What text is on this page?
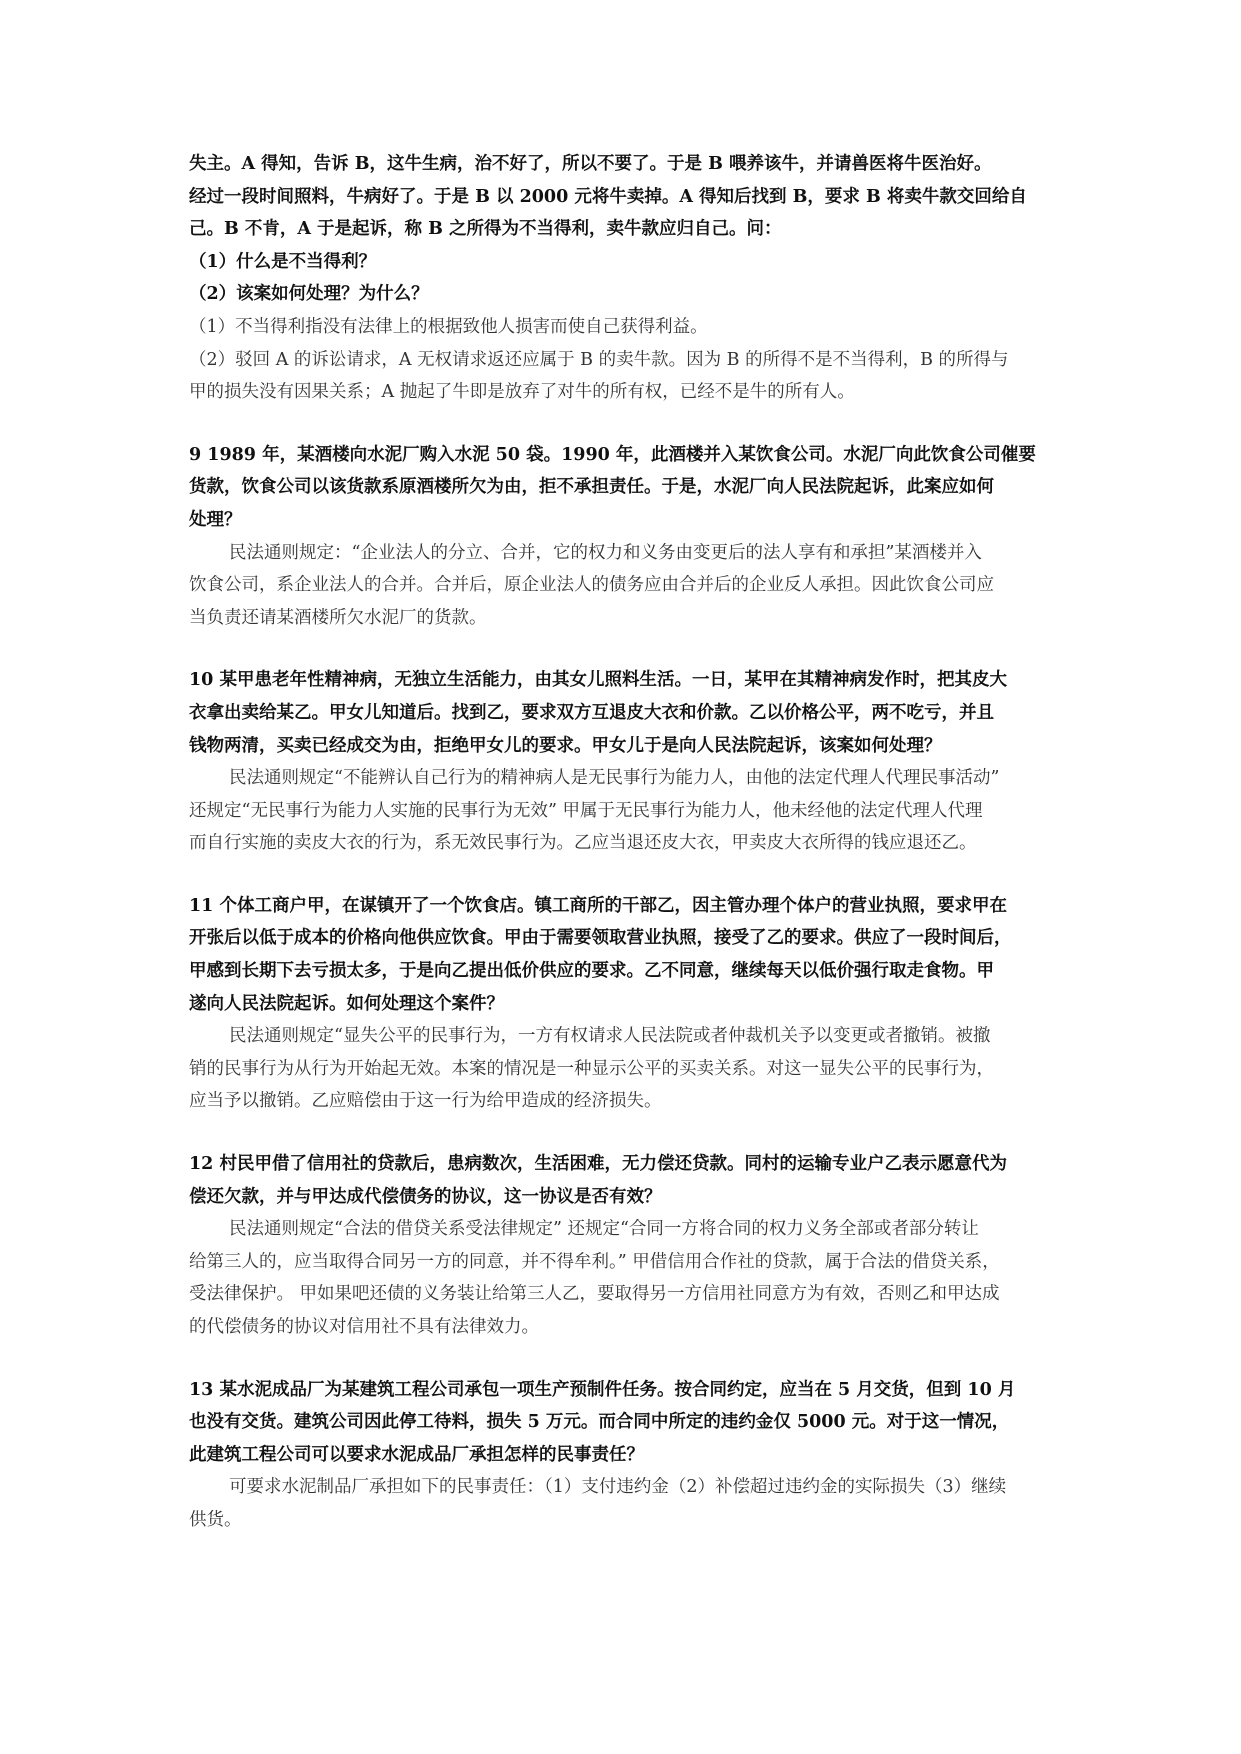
失主。A 得知，告诉 B，这牛生病，治不好了，所以不要了。于是 B 喂养该牛，并请兽医将牛医治好。

经过一段时间照料，牛病好了。于是 B 以 2000 元将牛卖掉。A 得知后找到 B，要求 B 将卖牛款交回给自

己。B 不肯，A 于是起诉，称 B 之所得为不当得利，卖牛款应归自己。问：

（1）什么是不当得利？

（2）该案如何处理？为什么？

（1）不当得利指没有法律上的根据致他人损害而使自己获得利益。

（2）驳回 A 的诉讼请求，A 无权请求返还应属于 B 的卖牛款。因为 B 的所得不是不当得利，B 的所得与

甲的损失没有因果关系；A 抛起了牛即是放弃了对牛的所有权，已经不是牛的所有人。

9 1989 年，某酒楼向水泥厂购入水泥 50 袋。1990 年，此酒楼并入某饮食公司。水泥厂向此饮食公司催要

货款，饮食公司以该货款系原酒楼所欠为由，拒不承担责任。于是，水泥厂向人民法院起诉，此案应如何

处理？

民法通则规定：“企业法人的分立、合并，它的权力和义务由变更后的法人享有和承担”某酒楼并入

饮食公司，系企业法人的合并。合并后，原企业法人的债务应由合并后的企业反人承担。因此饮食公司应

当负责还请某酒楼所欠水泥厂的货款。

10 某甲患老年性精神病，无独立生活能力，由其女儿照料生活。一日，某甲在其精神病发作时，把其皮大

衣拿出卖给某乙。甲女儿知道后。找到乙，要求双方互退皮大衣和价款。乙以价格公平，两不吃亏，并且

钱物两清，买卖已经成交为由，拒绝甲女儿的要求。甲女儿于是向人民法院起诉，该案如何处理？

民法通则规定“不能辨认自己行为的精神病人是无民事行为能力人，由他的法定代理人代理民事活动”

还规定“无民事行为能力人实施的民事行为无效” 甲属于无民事行为能力人，他未经他的法定代理人代理

而自行实施的卖皮大衣的行为，系无效民事行为。乙应当退还皮大衣，甲卖皮大衣所得的钱应退还乙。

11 个体工商户甲，在谋镇开了一个饮食店。镇工商所的干部乙，因主管办理个体户的营业执照，要求甲在

开张后以低于成本的价格向他供应饮食。甲由于需要领取营业执照，接受了乙的要求。供应了一段时间后，

甲感到长期下去亏损太多，于是向乙提出低价供应的要求。乙不同意，继续每天以低价强行取走食物。甲

遂向人民法院起诉。如何处理这个案件？

民法通则规定“显失公平的民事行为，一方有权请求人民法院或者仲裁机关予以变更或者撤销。被撤

销的民事行为从行为开始起无效。本案的情况是一种显示公平的买卖关系。对这一显失公平的民事行为，

应当予以撤销。乙应赔偿由于这一行为给甲造成的经济损失。

12 村民甲借了信用社的贷款后，患病数次，生活困难，无力偿还贷款。同村的运输专业户乙表示愿意代为

偿还欠款，并与甲达成代偿债务的协议，这一协议是否有效？

民法通则规定“合法的借贷关系受法律规定” 还规定“合同一方将合同的权力义务全部或者部分转让

给第三人的，应当取得合同另一方的同意，并不得牟利。” 甲借信用合作社的贷款，属于合法的借贷关系，

受法律保护。 甲如果吧还债的义务装让给第三人乙，要取得另一方信用社同意方为有效，否则乙和甲达成

的代偿债务的协议对信用社不具有法律效力。

13 某水泥成品厂为某建筑工程公司承包一项生产预制件任务。按合同约定，应当在 5 月交货，但到 10 月

也没有交货。建筑公司因此停工待料，损失 5 万元。而合同中所定的违约金仅 5000 元。对于这一情况，

此建筑工程公司可以要求水泥成品厂承担怎样的民事责任？

可要求水泥制品厂承担如下的民事责任：（1）支付违约金（2）补偿超过违约金的实际损失（3）继续

供货。
